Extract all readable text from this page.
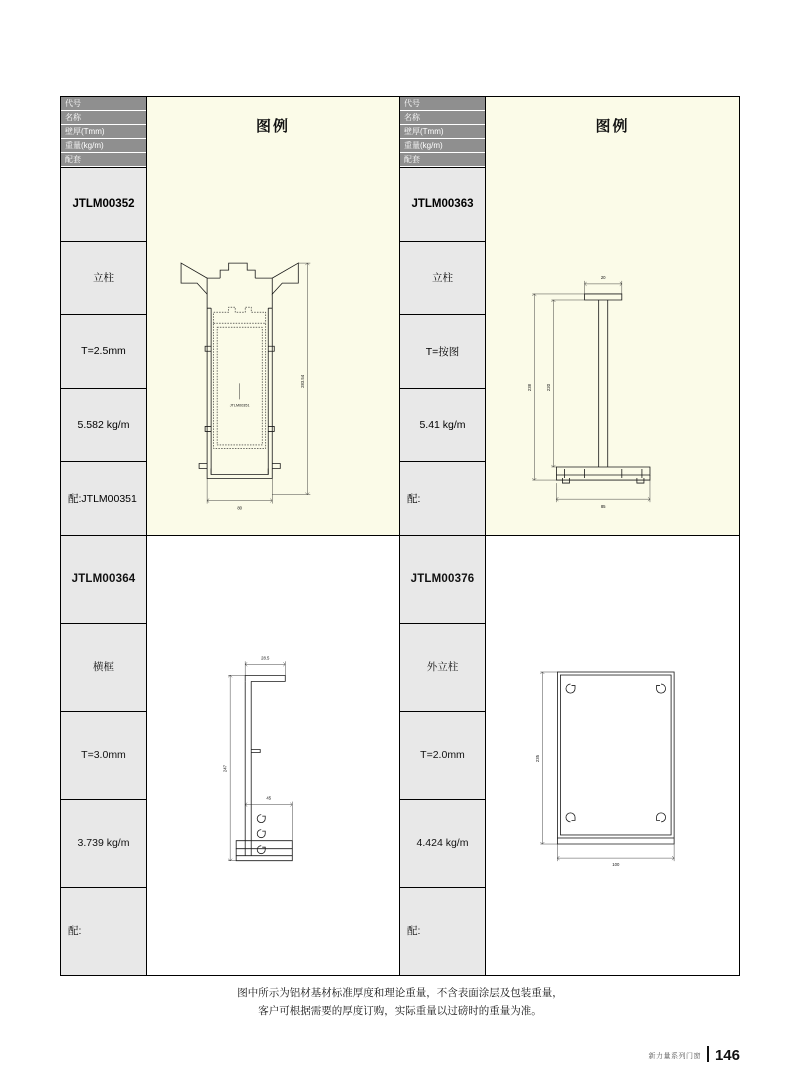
代号
名称
壁厚(Tmm)
重量(kg/m)
配套
JTLM00352
立柱
T=2.5mm
5.582 kg/m
配:JTLM00351
图例
JTLM00351
283.54
80
代号
名称
壁厚(Tmm)
重量(kg/m)
配套
JTLM00363
立柱
T=按图
5.41 kg/m
配:
图例
20
238 220
85
JTLM00364
横框
T=3.0mm
3.739 kg/m
配:
28.5
247
45
JTLM00376
外立柱
T=2.0mm
4.424 kg/m
配:
235
100
图中所示为铝材基材标准厚度和理论重量，不含表面涂层及包装重量，
客户可根据需要的厚度订购，实际重量以过磅时的重量为准。
新力量系列门窗 146
